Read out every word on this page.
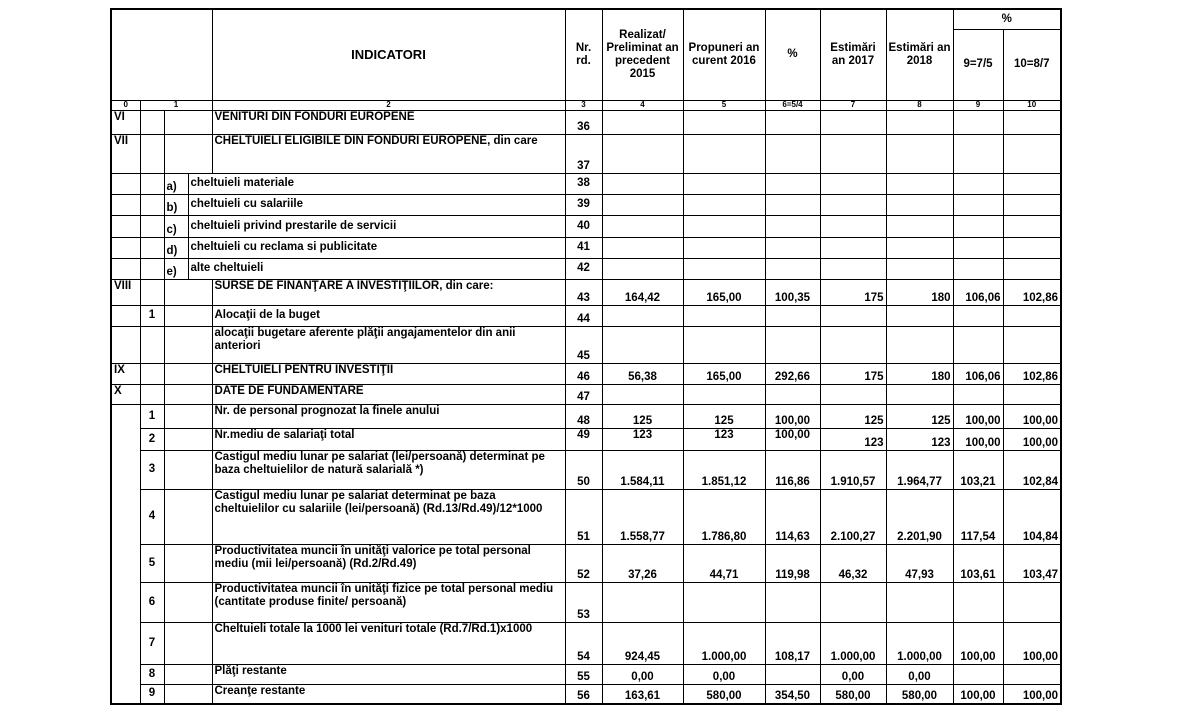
				INDICATORI	Nr. rd.	Realizat/ Preliminat an precedent 2015	Propuneri an curent 2016	%	Estimări an 2017	Estimări an 2018	%	
											9=7/5	10=8/7
0	1			2	3	4	5	6=5/4	7	8	9	10
VI				VENITURI DIN FONDURI EUROPENE	36							
VII				CHELTUIELI ELIGIBILE DIN FONDURI EUROPENE, din care	37							
		a)	cheltuieli materiale		38							
		b)	cheltuieli cu salariile		39							
		c)	cheltuieli privind prestarile de servicii		40							
		d)	cheltuieli cu reclama si publicitate		41							
		e)	alte cheltuieli		42							
VIII				SURSE DE FINANŢARE A INVESTIŢIILOR, din care:	43	164,42	165,00	100,35	175	180	106,06	102,86
	1			Alocaţii de la buget	44							
				alocaţii bugetare aferente plăţii angajamentelor din anii anteriori	45							
IX				CHELTUIELI PENTRU INVESTIŢII	46	56,38	165,00	292,66	175	180	106,06	102,86
X				DATE DE FUNDAMENTARE	47							
	1			Nr. de personal prognozat la finele anului	48	125	125	100,00	125	125	100,00	100,00
	2			Nr.mediu de salariaţi total	49	123	123	100,00	123	123	100,00	100,00
	3			Castigul mediu lunar pe salariat (lei/persoană) determinat pe baza cheltuielilor de natură salarială *)	50	1.584,11	1.851,12	116,86	1.910,57	1.964,77	103,21	102,84
	4			Castigul mediu lunar pe salariat determinat pe baza cheltuielilor cu salariile (lei/persoană) (Rd.13/Rd.49)/12*1000	51	1.558,77	1.786,80	114,63	2.100,27	2.201,90	117,54	104,84
	5			Productivitatea muncii în unităţi valorice pe total personal mediu (mii lei/persoană) (Rd.2/Rd.49)	52	37,26	44,71	119,98	46,32	47,93	103,61	103,47
	6			Productivitatea muncii în unităţi fizice pe total personal mediu (cantitate produse finite/ persoană)	53							
	7			Cheltuieli totale la 1000 lei venituri totale (Rd.7/Rd.1)x1000	54	924,45	1.000,00	108,17	1.000,00	1.000,00	100,00	100,00
	8			Plăţi restante	55	0,00	0,00		0,00	0,00		
	9			Creanţe restante	56	163,61	580,00	354,50	580,00	580,00	100,00	100,00
